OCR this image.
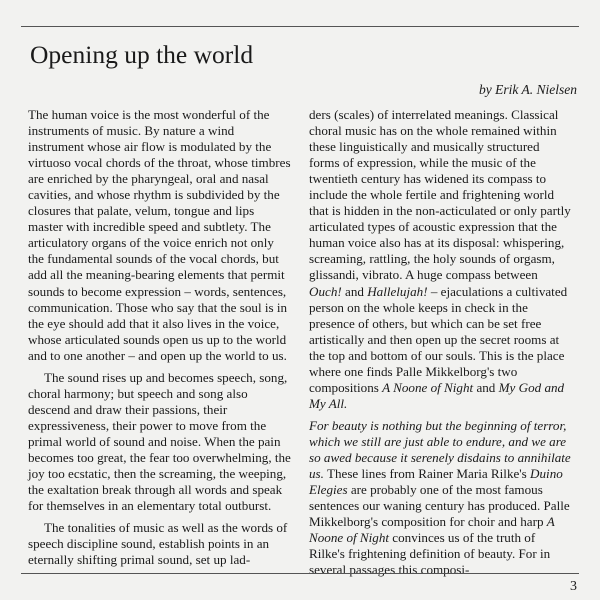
Opening up the world
by Erik A. Nielsen

The human voice is the most wonderful of the instruments of music. By nature a wind instrument whose air flow is modulated by the virtuoso vocal chords of the throat, whose timbres are enriched by the pharyngeal, oral and nasal cavities, and whose rhythm is subdivided by the closures that palate, velum, tongue and lips master with incredible speed and subtlety. The articulatory organs of the voice enrich not only the fundamental sounds of the vocal chords, but add all the meaning-bearing elements that permit sounds to become expression – words, sentences, communication. Those who say that the soul is in the eye should add that it also lives in the voice, whose articulated sounds open us up to the world and to one another – and open up the world to us.

The sound rises up and becomes speech, song, choral harmony; but speech and song also descend and draw their passions, their expressiveness, their power to move from the primal world of sound and noise. When the pain becomes too great, the fear too overwhelming, the joy too ecstatic, then the screaming, the weeping, the exaltation break through all words and speak for themselves in an elementary total outburst.

The tonalities of music as well as the words of speech discipline sound, establish points in an eternally shifting primal sound, set up lad-

ders (scales) of interrelated meanings. Classical choral music has on the whole remained within these linguistically and musically structured forms of expression, while the music of the twentieth century has widened its compass to include the whole fertile and frightening world that is hidden in the non-acticulated or only partly articulated types of acoustic expression that the human voice also has at its disposal: whispering, screaming, rattling, the holy sounds of orgasm, glissandi, vibrato. A huge compass between Ouch! and Hallelujah! – ejaculations a cultivated person on the whole keeps in check in the presence of others, but which can be set free artistically and then open up the secret rooms at the top and bottom of our souls. This is the place where one finds Palle Mikkelborg's two compositions A Noone of Night and My God and My All.

For beauty is nothing but the beginning of terror, which we still are just able to endure, and we are so awed because it serenely disdains to annihilate us. These lines from Rainer Maria Rilke's Duino Elegies are probably one of the most famous sentences our waning century has produced. Palle Mikkelborg's composition for choir and harp A Noone of Night convinces us of the truth of Rilke's frightening definition of beauty. For in several passages this composi-

3
